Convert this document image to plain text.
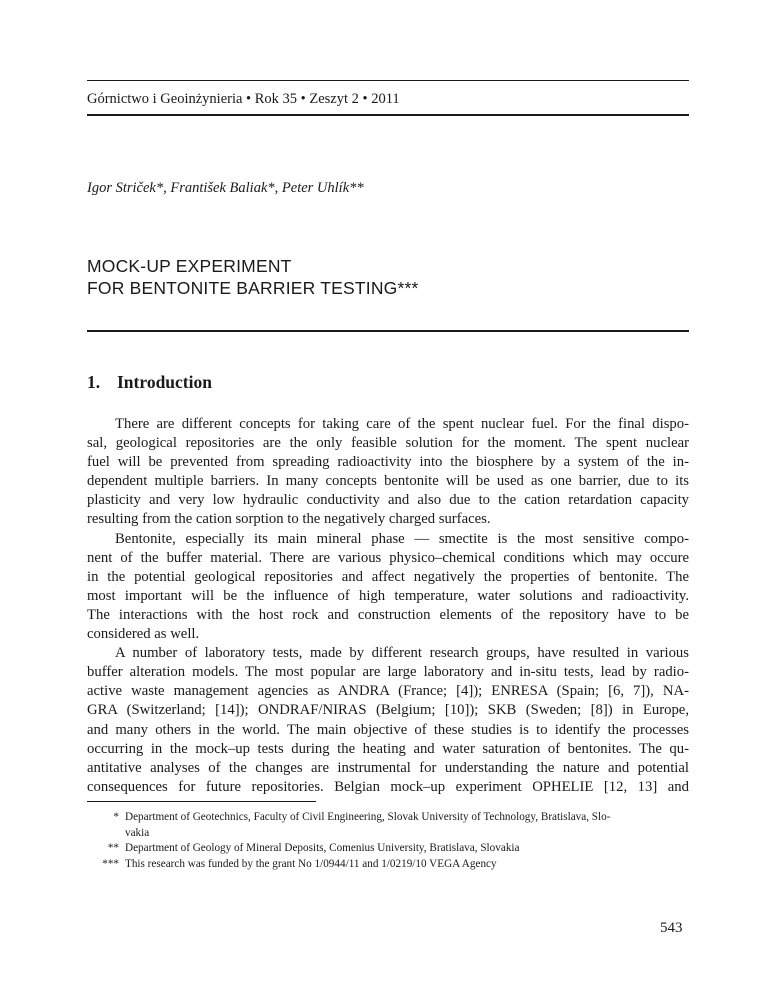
Górnictwo i Geoinżynieria • Rok 35 • Zeszyt 2 • 2011
Igor Striček*, František Baliak*, Peter Uhlík**
MOCK-UP EXPERIMENT
FOR BENTONITE BARRIER TESTING***
1. Introduction
There are different concepts for taking care of the spent nuclear fuel. For the final dispo-
sal, geological repositories are the only feasible solution for the moment. The spent nuclear
fuel will be prevented from spreading radioactivity into the biosphere by a system of the in-
dependent multiple barriers. In many concepts bentonite will be used as one barrier, due to its
plasticity and very low hydraulic conductivity and also due to the cation retardation capacity
resulting from the cation sorption to the negatively charged surfaces.
Bentonite, especially its main mineral phase — smectite is the most sensitive compo-
nent of the buffer material. There are various physico–chemical conditions which may occure
in the potential geological repositories and affect negatively the properties of bentonite. The
most important will be the influence of high temperature, water solutions and radioactivity.
The interactions with the host rock and construction elements of the repository have to be
considered as well.
A number of laboratory tests, made by different research groups, have resulted in various
buffer alteration models. The most popular are large laboratory and in-situ tests, lead by radio-
active waste management agencies as ANDRA (France; [4]); ENRESA (Spain; [6, 7]), NA-
GRA (Switzerland; [14]); ONDRAF/NIRAS (Belgium; [10]); SKB (Sweden; [8]) in Europe,
and many others in the world. The main objective of these studies is to identify the processes
occurring in the mock–up tests during the heating and water saturation of bentonites. The qu-
antitative analyses of the changes are instrumental for understanding the nature and potential
consequences for future repositories. Belgian mock–up experiment OPHELIE [12, 13] and
* Department of Geotechnics, Faculty of Civil Engineering, Slovak University of Technology, Bratislava, Slo-
vakia
** Department of Geology of Mineral Deposits, Comenius University, Bratislava, Slovakia
*** This research was funded by the grant No 1/0944/11 and 1/0219/10 VEGA Agency
543
